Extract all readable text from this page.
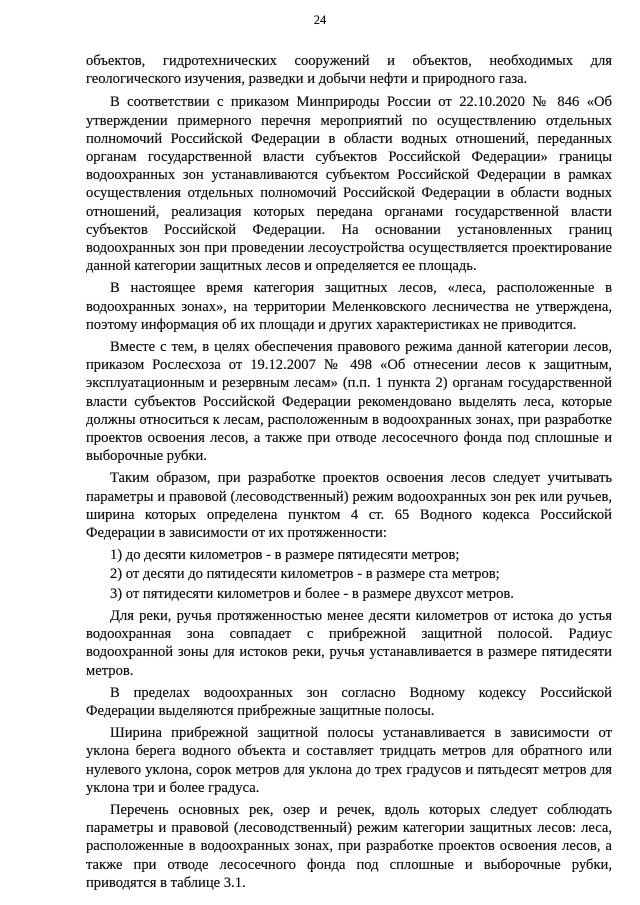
24

объектов, гидротехнических сооружений и объектов, необходимых для геологического изучения, разведки и добычи нефти и природного газа.

В соответствии с приказом Минприроды России от 22.10.2020 № 846 «Об утверждении примерного перечня мероприятий по осуществлению отдельных полномочий Российской Федерации в области водных отношений, переданных органам государственной власти субъектов Российской Федерации» границы водоохранных зон устанавливаются субъектом Российской Федерации в рамках осуществления отдельных полномочий Российской Федерации в области водных отношений, реализация которых передана органами государственной власти субъектов Российской Федерации. На основании установленных границ водоохранных зон при проведении лесоустройства осуществляется проектирование данной категории защитных лесов и определяется ее площадь.

В настоящее время категория защитных лесов, «леса, расположенные в водоохранных зонах», на территории Меленковского лесничества не утверждена, поэтому информация об их площади и других характеристиках не приводится.

Вместе с тем, в целях обеспечения правового режима данной категории лесов, приказом Рослесхоза от 19.12.2007 № 498 «Об отнесении лесов к защитным, эксплуатационным и резервным лесам» (п.п. 1 пункта 2) органам государственной власти субъектов Российской Федерации рекомендовано выделять леса, которые должны относиться к лесам, расположенным в водоохранных зонах, при разработке проектов освоения лесов, а также при отводе лесосечного фонда под сплошные и выборочные рубки.

Таким образом, при разработке проектов освоения лесов следует учитывать параметры и правовой (лесоводственный) режим водоохранных зон рек или ручьев, ширина которых определена пунктом 4 ст. 65 Водного кодекса Российской Федерации в зависимости от их протяженности:

1) до десяти километров - в размере пятидесяти метров;

2) от десяти до пятидесяти километров - в размере ста метров;

3) от пятидесяти километров и более - в размере двухсот метров.

Для реки, ручья протяженностью менее десяти километров от истока до устья водоохранная зона совпадает с прибрежной защитной полосой. Радиус водоохранной зоны для истоков реки, ручья устанавливается в размере пятидесяти метров.

В пределах водоохранных зон согласно Водному кодексу Российской Федерации выделяются прибрежные защитные полосы.

Ширина прибрежной защитной полосы устанавливается в зависимости от уклона берега водного объекта и составляет тридцать метров для обратного или нулевого уклона, сорок метров для уклона до трех градусов и пятьдесят метров для уклона три и более градуса.

Перечень основных рек, озер и речек, вдоль которых следует соблюдать параметры и правовой (лесоводственный) режим категории защитных лесов: леса, расположенные в водоохранных зонах, при разработке проектов освоения лесов, а также при отводе лесосечного фонда под сплошные и выборочные рубки, приводятся в таблице 3.1.
